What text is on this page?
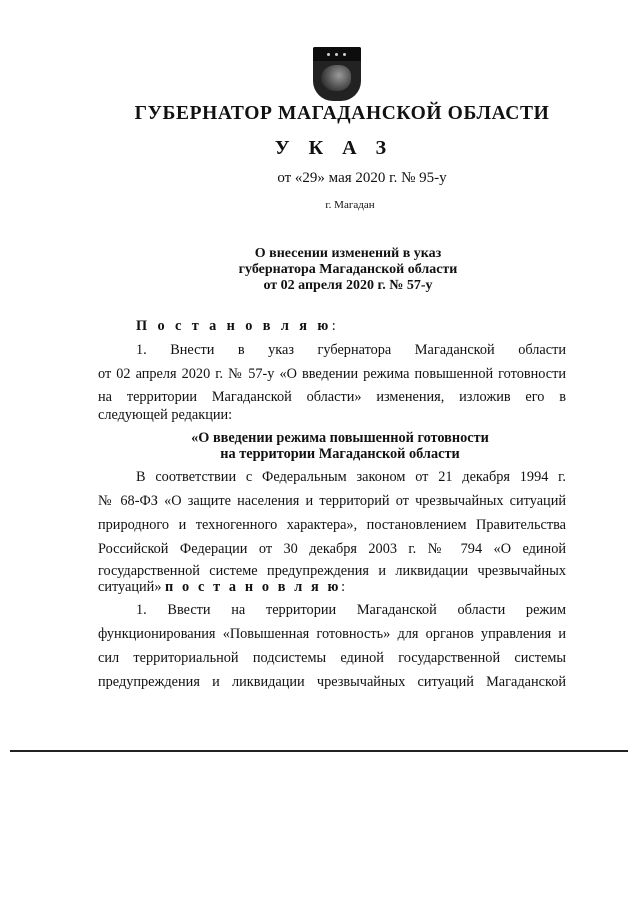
ГУБЕРНАТОР МАГАДАНСКОЙ ОБЛАСТИ
У К А З
от «29» мая 2020 г. № 95-у
г. Магадан
О внесении изменений в указ
губернатора Магаданской области
от 02 апреля 2020 г. № 57-у
П о с т а н о в л я ю:
1. Внести в указ губернатора Магаданской области
от 02 апреля 2020 г. № 57-у «О введении режима повышенной готовности
на территории Магаданской области» изменения, изложив его в
следующей редакции:
«О введении режима повышенной готовности
на территории Магаданской области
В соответствии с Федеральным законом от 21 декабря 1994 г.
№ 68-ФЗ «О защите населения и территорий от чрезвычайных ситуаций
природного и техногенного характера», постановлением Правительства
Российской Федерации от 30 декабря 2003 г. № 794 «О единой
государственной системе предупреждения и ликвидации чрезвычайных
ситуаций» п о с т а н о в л я ю:
1. Ввести на территории Магаданской области режим
функционирования «Повышенная готовность» для органов управления и
сил территориальной подсистемы единой государственной системы
предупреждения и ликвидации чрезвычайных ситуаций Магаданской
